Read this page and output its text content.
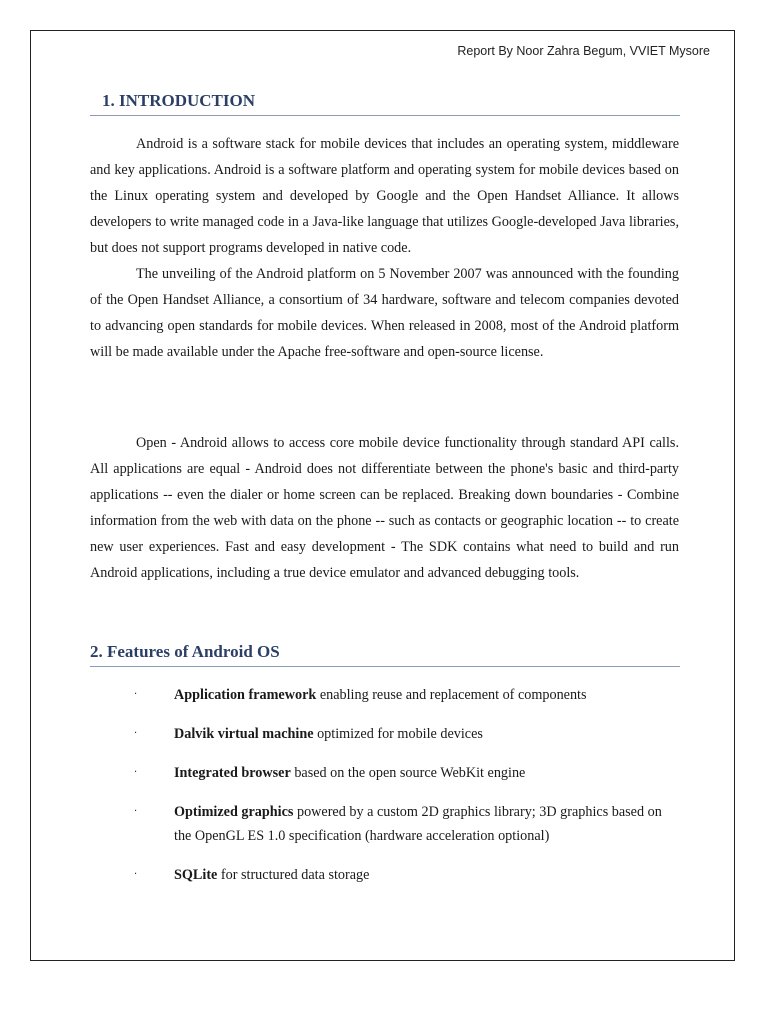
Report By Noor Zahra Begum, VVIET Mysore

1. INTRODUCTION

Android is a software stack for mobile devices that includes an operating system, middleware and key applications. Android is a software platform and operating system for mobile devices based on the Linux operating system and developed by Google and the Open Handset Alliance. It allows developers to write managed code in a Java-like language that utilizes Google-developed Java libraries, but does not support programs developed in native code.

The unveiling of the Android platform on 5 November 2007 was announced with the founding of the Open Handset Alliance, a consortium of 34 hardware, software and telecom companies devoted to advancing open standards for mobile devices. When released in 2008, most of the Android platform will be made available under the Apache free-software and open-source license.

Open - Android allows to access core mobile device functionality through standard API calls. All applications are equal - Android does not differentiate between the phone's basic and third-party applications -- even the dialer or home screen can be replaced. Breaking down boundaries - Combine information from the web with data on the phone -- such as contacts or geographic location -- to create new user experiences. Fast and easy development - The SDK contains what need to build and run Android applications, including a true device emulator and advanced debugging tools.

2. Features of Android OS
·	Application framework enabling reuse and replacement of components
·	Dalvik virtual machine optimized for mobile devices
·	Integrated browser based on the open source WebKit engine
·	Optimized graphics powered by a custom 2D graphics library; 3D graphics based on the OpenGL ES 1.0 specification (hardware acceleration optional)
·	SQLite for structured data storage
